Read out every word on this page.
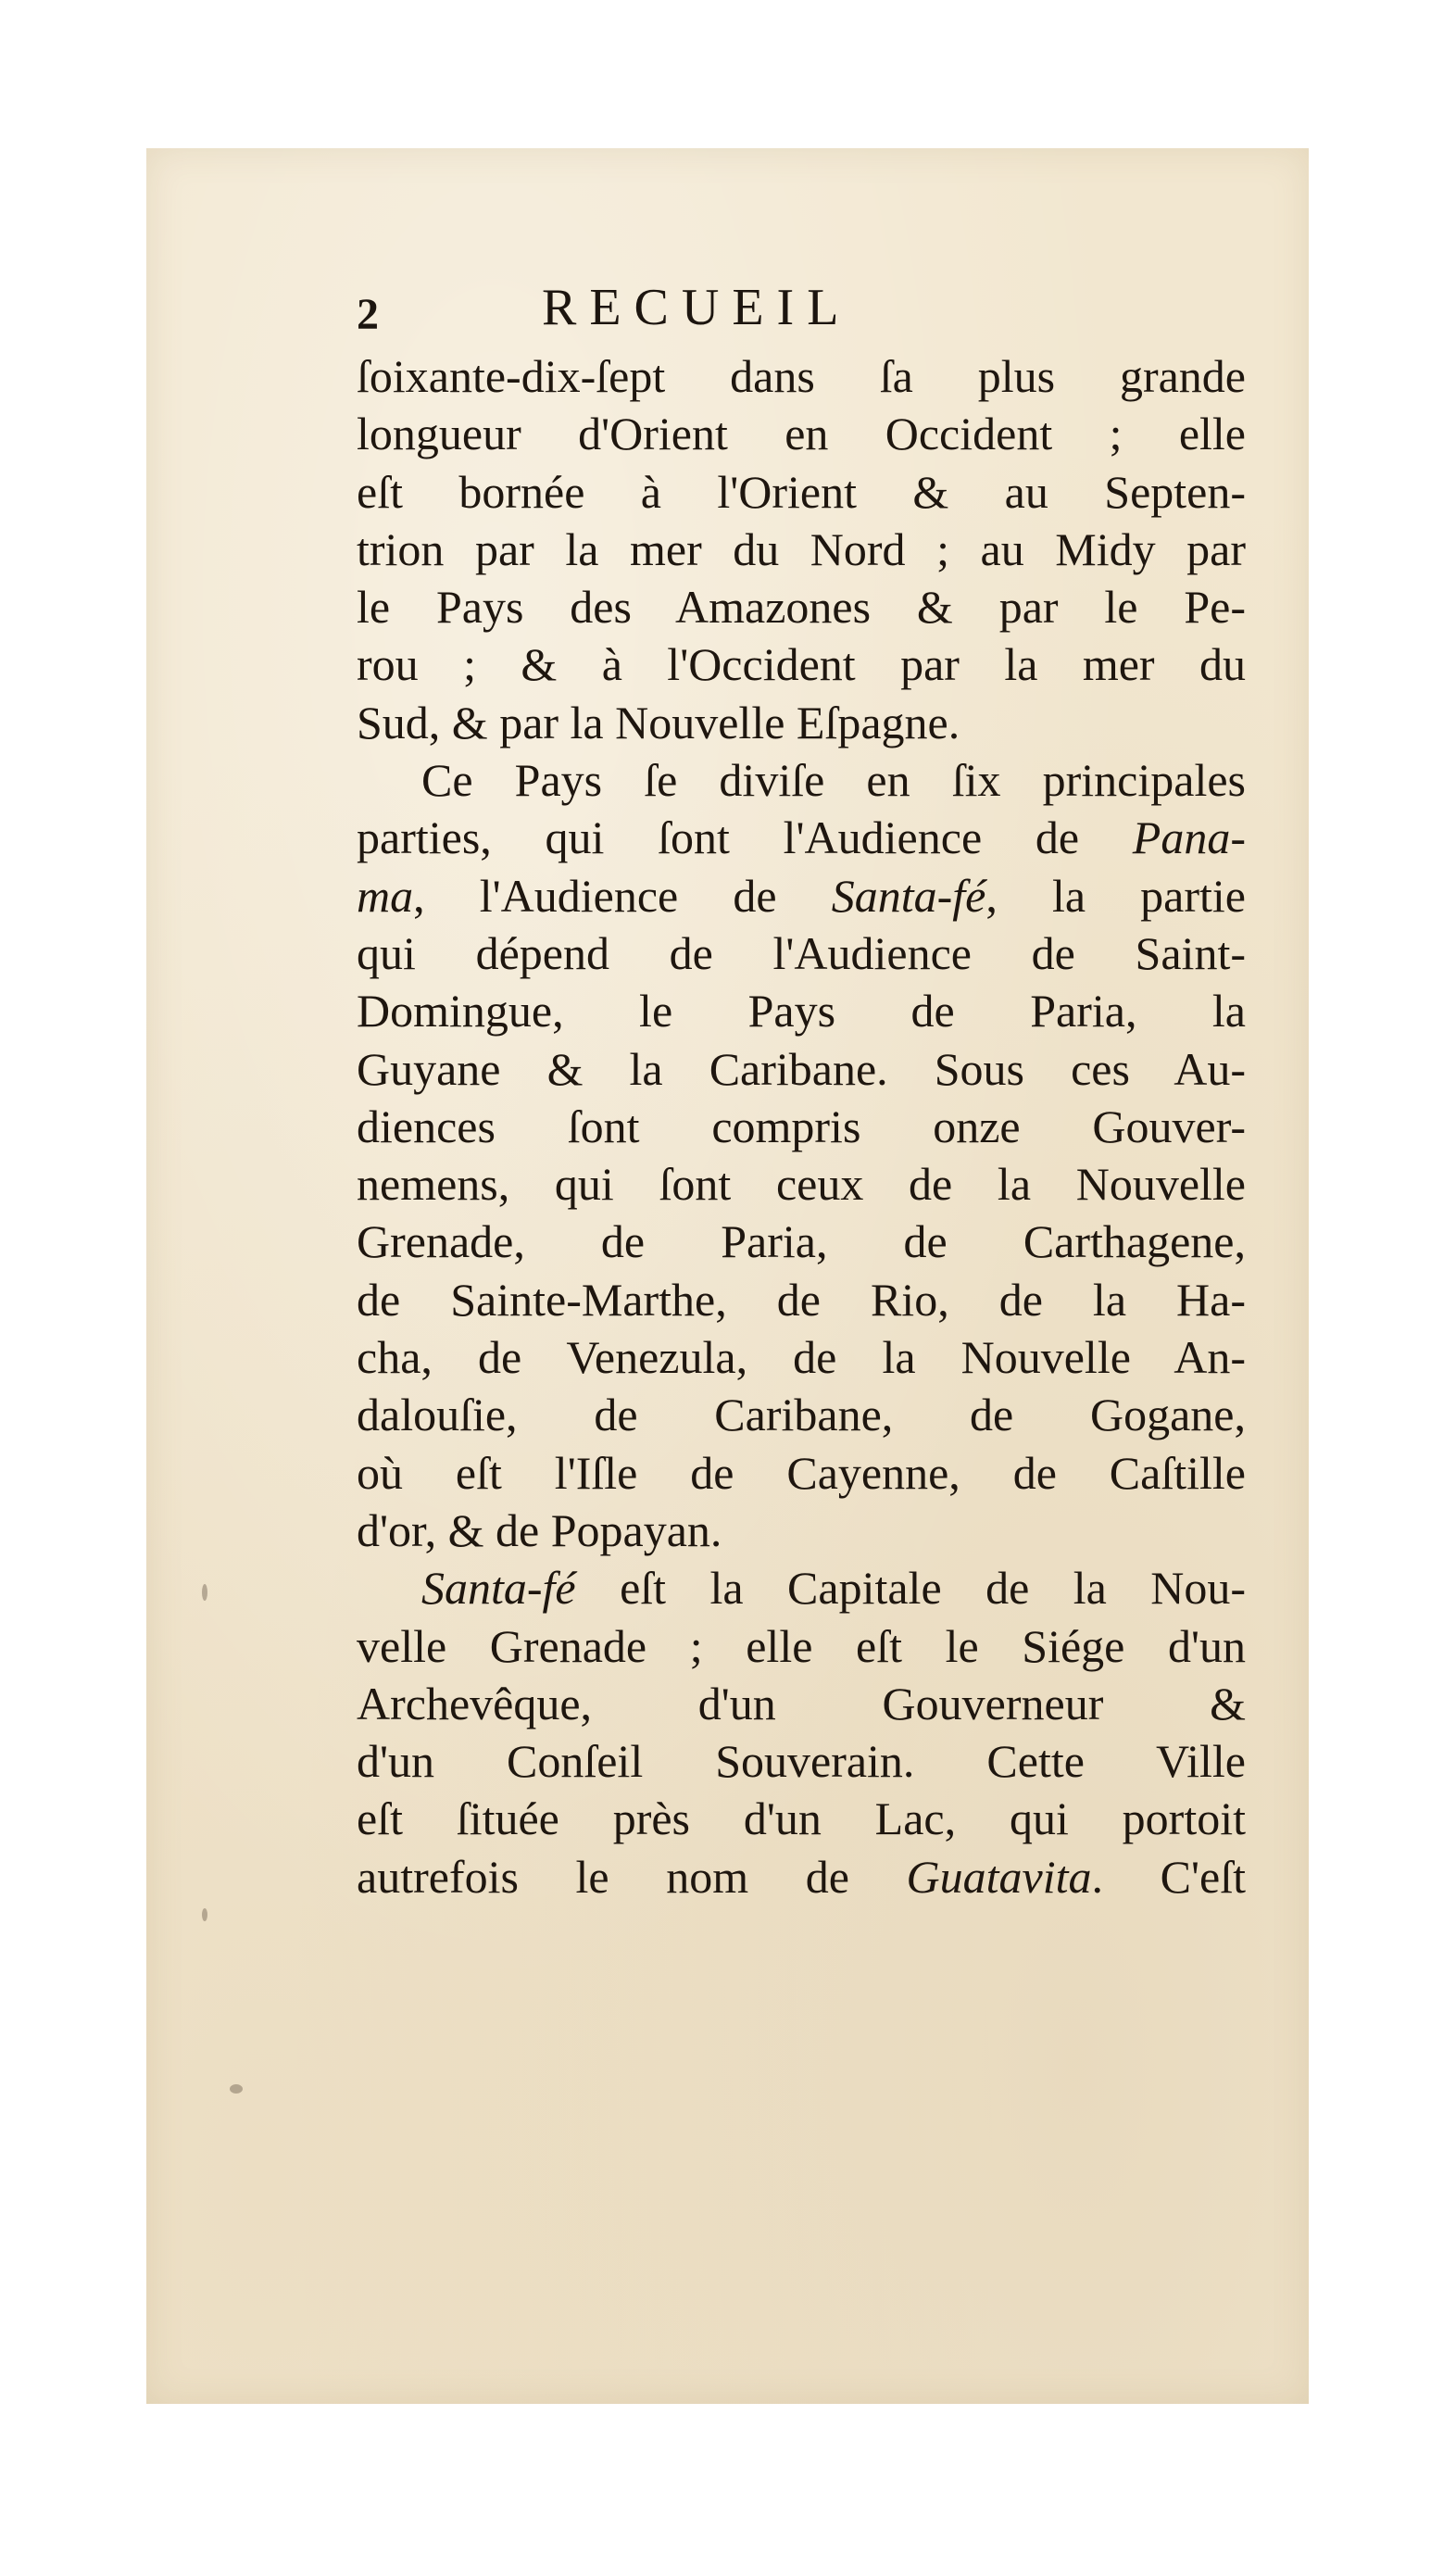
2	RECUEIL
ſoixante-dix-ſept dans ſa plus grande
longueur d'Orient en Occident ; elle
eſt bornée à l'Orient & au Septen-
trion par la mer du Nord ; au Midy par
le Pays des Amazones & par le Pe-
rou ; & à l'Occident par la mer du
Sud, & par la Nouvelle Eſpagne.
Ce Pays ſe diviſe en ſix principales
parties, qui ſont l'Audience de Pana-
ma, l'Audience de Santa-fé, la partie
qui dépend de l'Audience de Saint-
Domingue, le Pays de Paria, la
Guyane & la Caribane. Sous ces Au-
diences ſont compris onze Gouver-
nemens, qui ſont ceux de la Nouvelle
Grenade, de Paria, de Carthagene,
de Sainte-Marthe, de Rio, de la Ha-
cha, de Venezula, de la Nouvelle An-
dalouſie, de Caribane, de Gogane,
où eſt l'Iſle de Cayenne, de Caſtille
d'or, & de Popayan.
Santa-fé eſt la Capitale de la Nou-
velle Grenade ; elle eſt le Siége d'un
Archevêque, d'un Gouverneur &
d'un Conſeil Souverain. Cette Ville
eſt ſituée près d'un Lac, qui portoit
autrefois le nom de Guatavita. C'eſt
